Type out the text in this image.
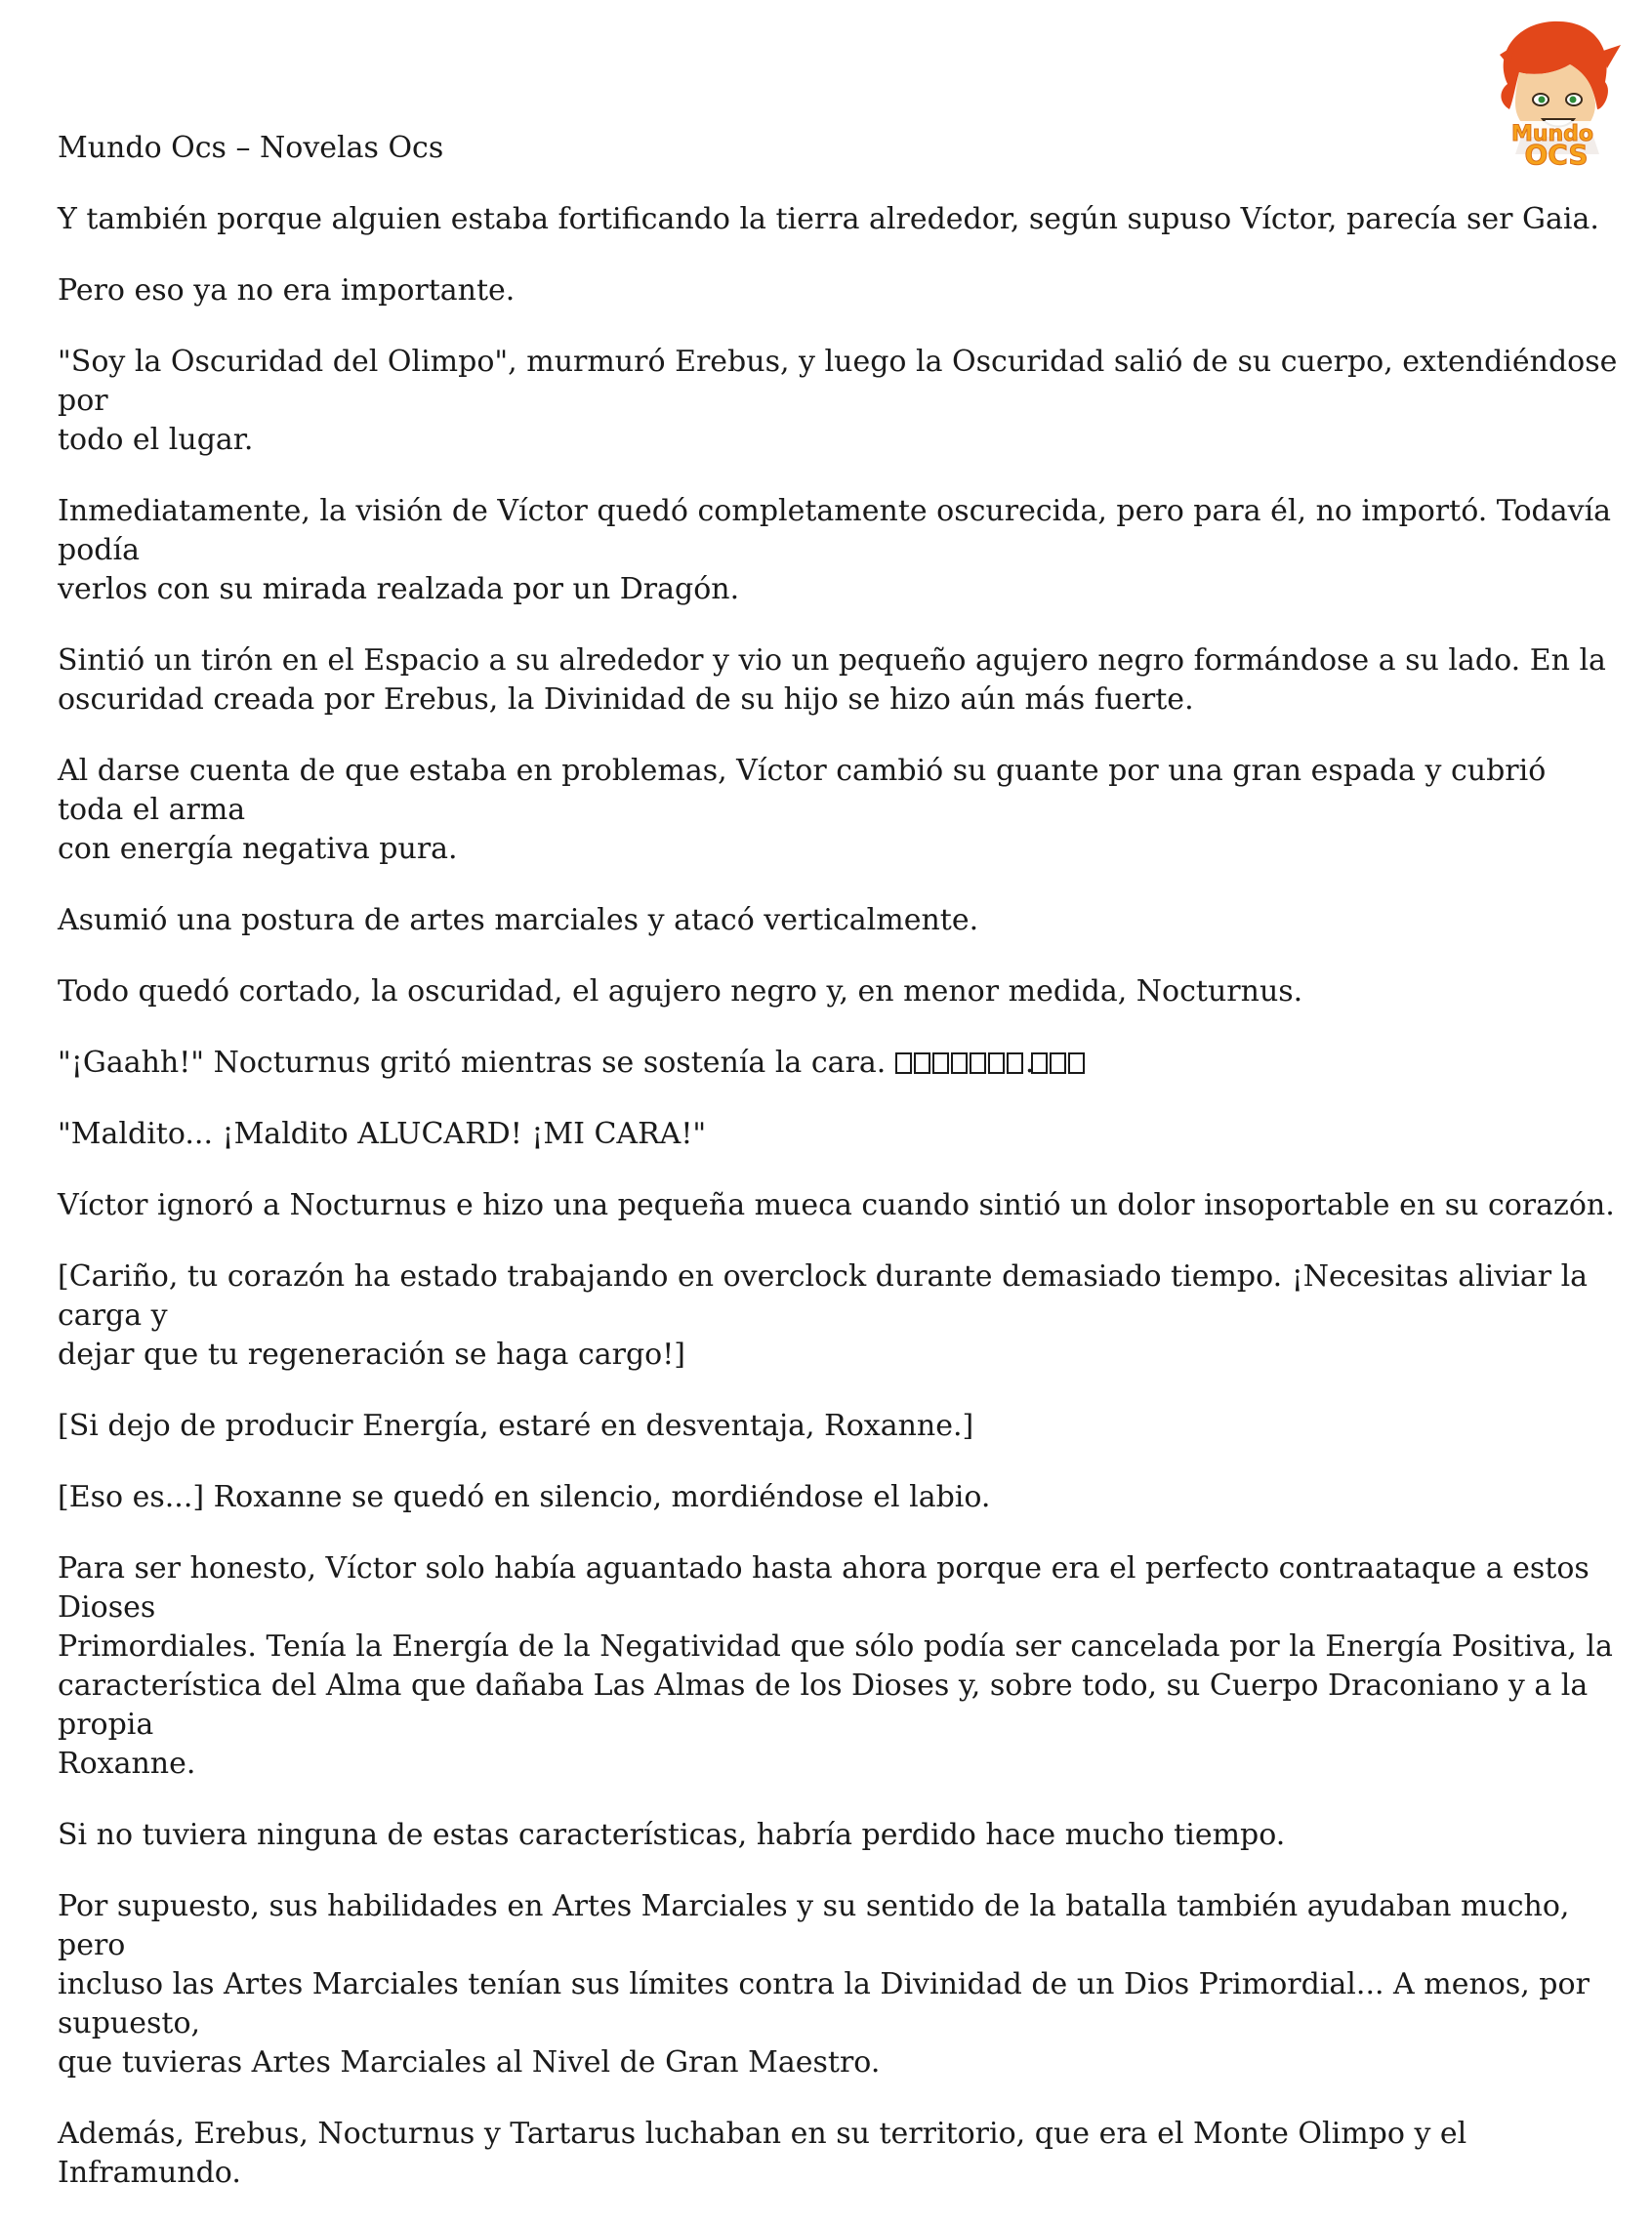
Mundo Ocs – Novelas Ocs	Mundo
OCS

Y también porque alguien estaba fortificando la tierra alrededor, según supuso Víctor, parecía ser Gaia.

Pero eso ya no era importante.

"Soy la Oscuridad del Olimpo", murmuró Erebus, y luego la Oscuridad salió de su cuerpo, extendiéndose por
todo el lugar.

Inmediatamente, la visión de Víctor quedó completamente oscurecida, pero para él, no importó. Todavía podía
verlos con su mirada realzada por un Dragón.

Sintió un tirón en el Espacio a su alrededor y vio un pequeño agujero negro formándose a su lado. En la
oscuridad creada por Erebus, la Divinidad de su hijo se hizo aún más fuerte.

Al darse cuenta de que estaba en problemas, Víctor cambió su guante por una gran espada y cubrió toda el arma
con energía negativa pura.

Asumió una postura de artes marciales y atacó verticalmente.

Todo quedó cortado, la oscuridad, el agujero negro y, en menor medida, Nocturnus.

"¡Gaahh!" Nocturnus gritó mientras se sostenía la cara.	.

"Maldito... ¡Maldito ALUCARD! ¡MI CARA!"

Víctor ignoró a Nocturnus e hizo una pequeña mueca cuando sintió un dolor insoportable en su corazón.

[Cariño, tu corazón ha estado trabajando en overclock durante demasiado tiempo. ¡Necesitas aliviar la carga y
dejar que tu regeneración se haga cargo!]

[Si dejo de producir Energía, estaré en desventaja, Roxanne.]

[Eso es...] Roxanne se quedó en silencio, mordiéndose el labio.

Para ser honesto, Víctor solo había aguantado hasta ahora porque era el perfecto contraataque a estos Dioses
Primordiales. Tenía la Energía de la Negatividad que sólo podía ser cancelada por la Energía Positiva, la
característica del Alma que dañaba Las Almas de los Dioses y, sobre todo, su Cuerpo Draconiano y a la propia
Roxanne.

Si no tuviera ninguna de estas características, habría perdido hace mucho tiempo.

Por supuesto, sus habilidades en Artes Marciales y su sentido de la batalla también ayudaban mucho, pero
incluso las Artes Marciales tenían sus límites contra la Divinidad de un Dios Primordial... A menos, por supuesto,
que tuvieras Artes Marciales al Nivel de Gran Maestro.

Además, Erebus, Nocturnus y Tartarus luchaban en su territorio, que era el Monte Olimpo y el Inframundo.
